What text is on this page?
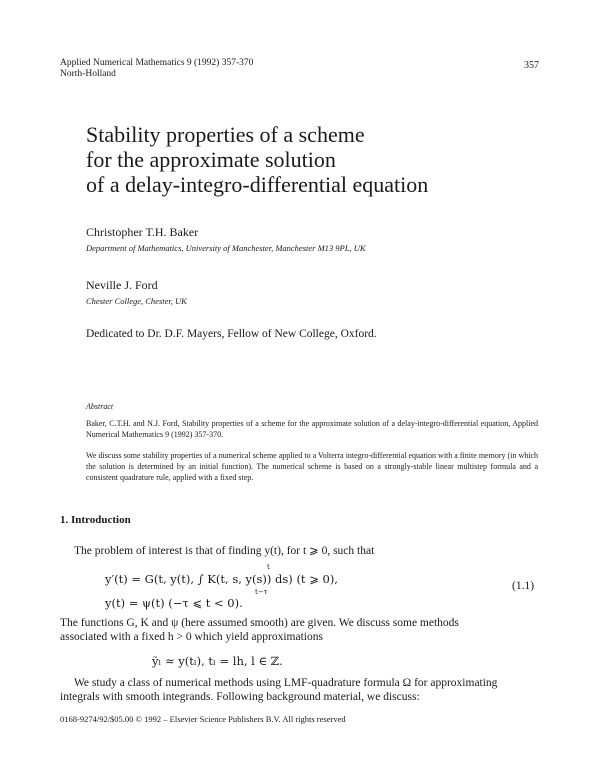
Applied Numerical Mathematics 9 (1992) 357-370
North-Holland
357
Stability properties of a scheme
for the approximate solution
of a delay-integro-differential equation
Christopher T.H. Baker
Department of Mathematics, University of Manchester, Manchester M13 9PL, UK
Neville J. Ford
Chester College, Chester, UK
Dedicated to Dr. D.F. Mayers, Fellow of New College, Oxford.
Abstract
Baker, C.T.H. and N.J. Ford, Stability properties of a scheme for the approximate solution of a delay-integro-differential equation, Applied Numerical Mathematics 9 (1992) 357-370.
We discuss some stability properties of a numerical scheme applied to a Volterra integro-differential equation with a finite memory (in which the solution is determined by an initial function). The numerical scheme is based on a strongly-stable linear multistep formula and a consistent quadrature rule, applied with a fixed step.
1. Introduction
The problem of interest is that of finding y(t), for t ⩾ 0, such that
y′(t) = G(t, y(t), ∫ K(t, s, y(s)) ds) (t ⩾ 0),
t
t−τ
y(t) = ψ(t) (−τ ⩽ t < 0).
(1.1)
The functions G, K and ψ (here assumed smooth) are given. We discuss some methods
associated with a fixed h > 0 which yield approximations
ỹₗ ≈ y(tₗ), tₗ = lh, l ∈ ℤ.
We study a class of numerical methods using LMF-quadrature formula Ω for approximating
integrals with smooth integrands. Following background material, we discuss:
0168-9274/92/$05.00 © 1992 – Elsevier Science Publishers B.V. All rights reserved
